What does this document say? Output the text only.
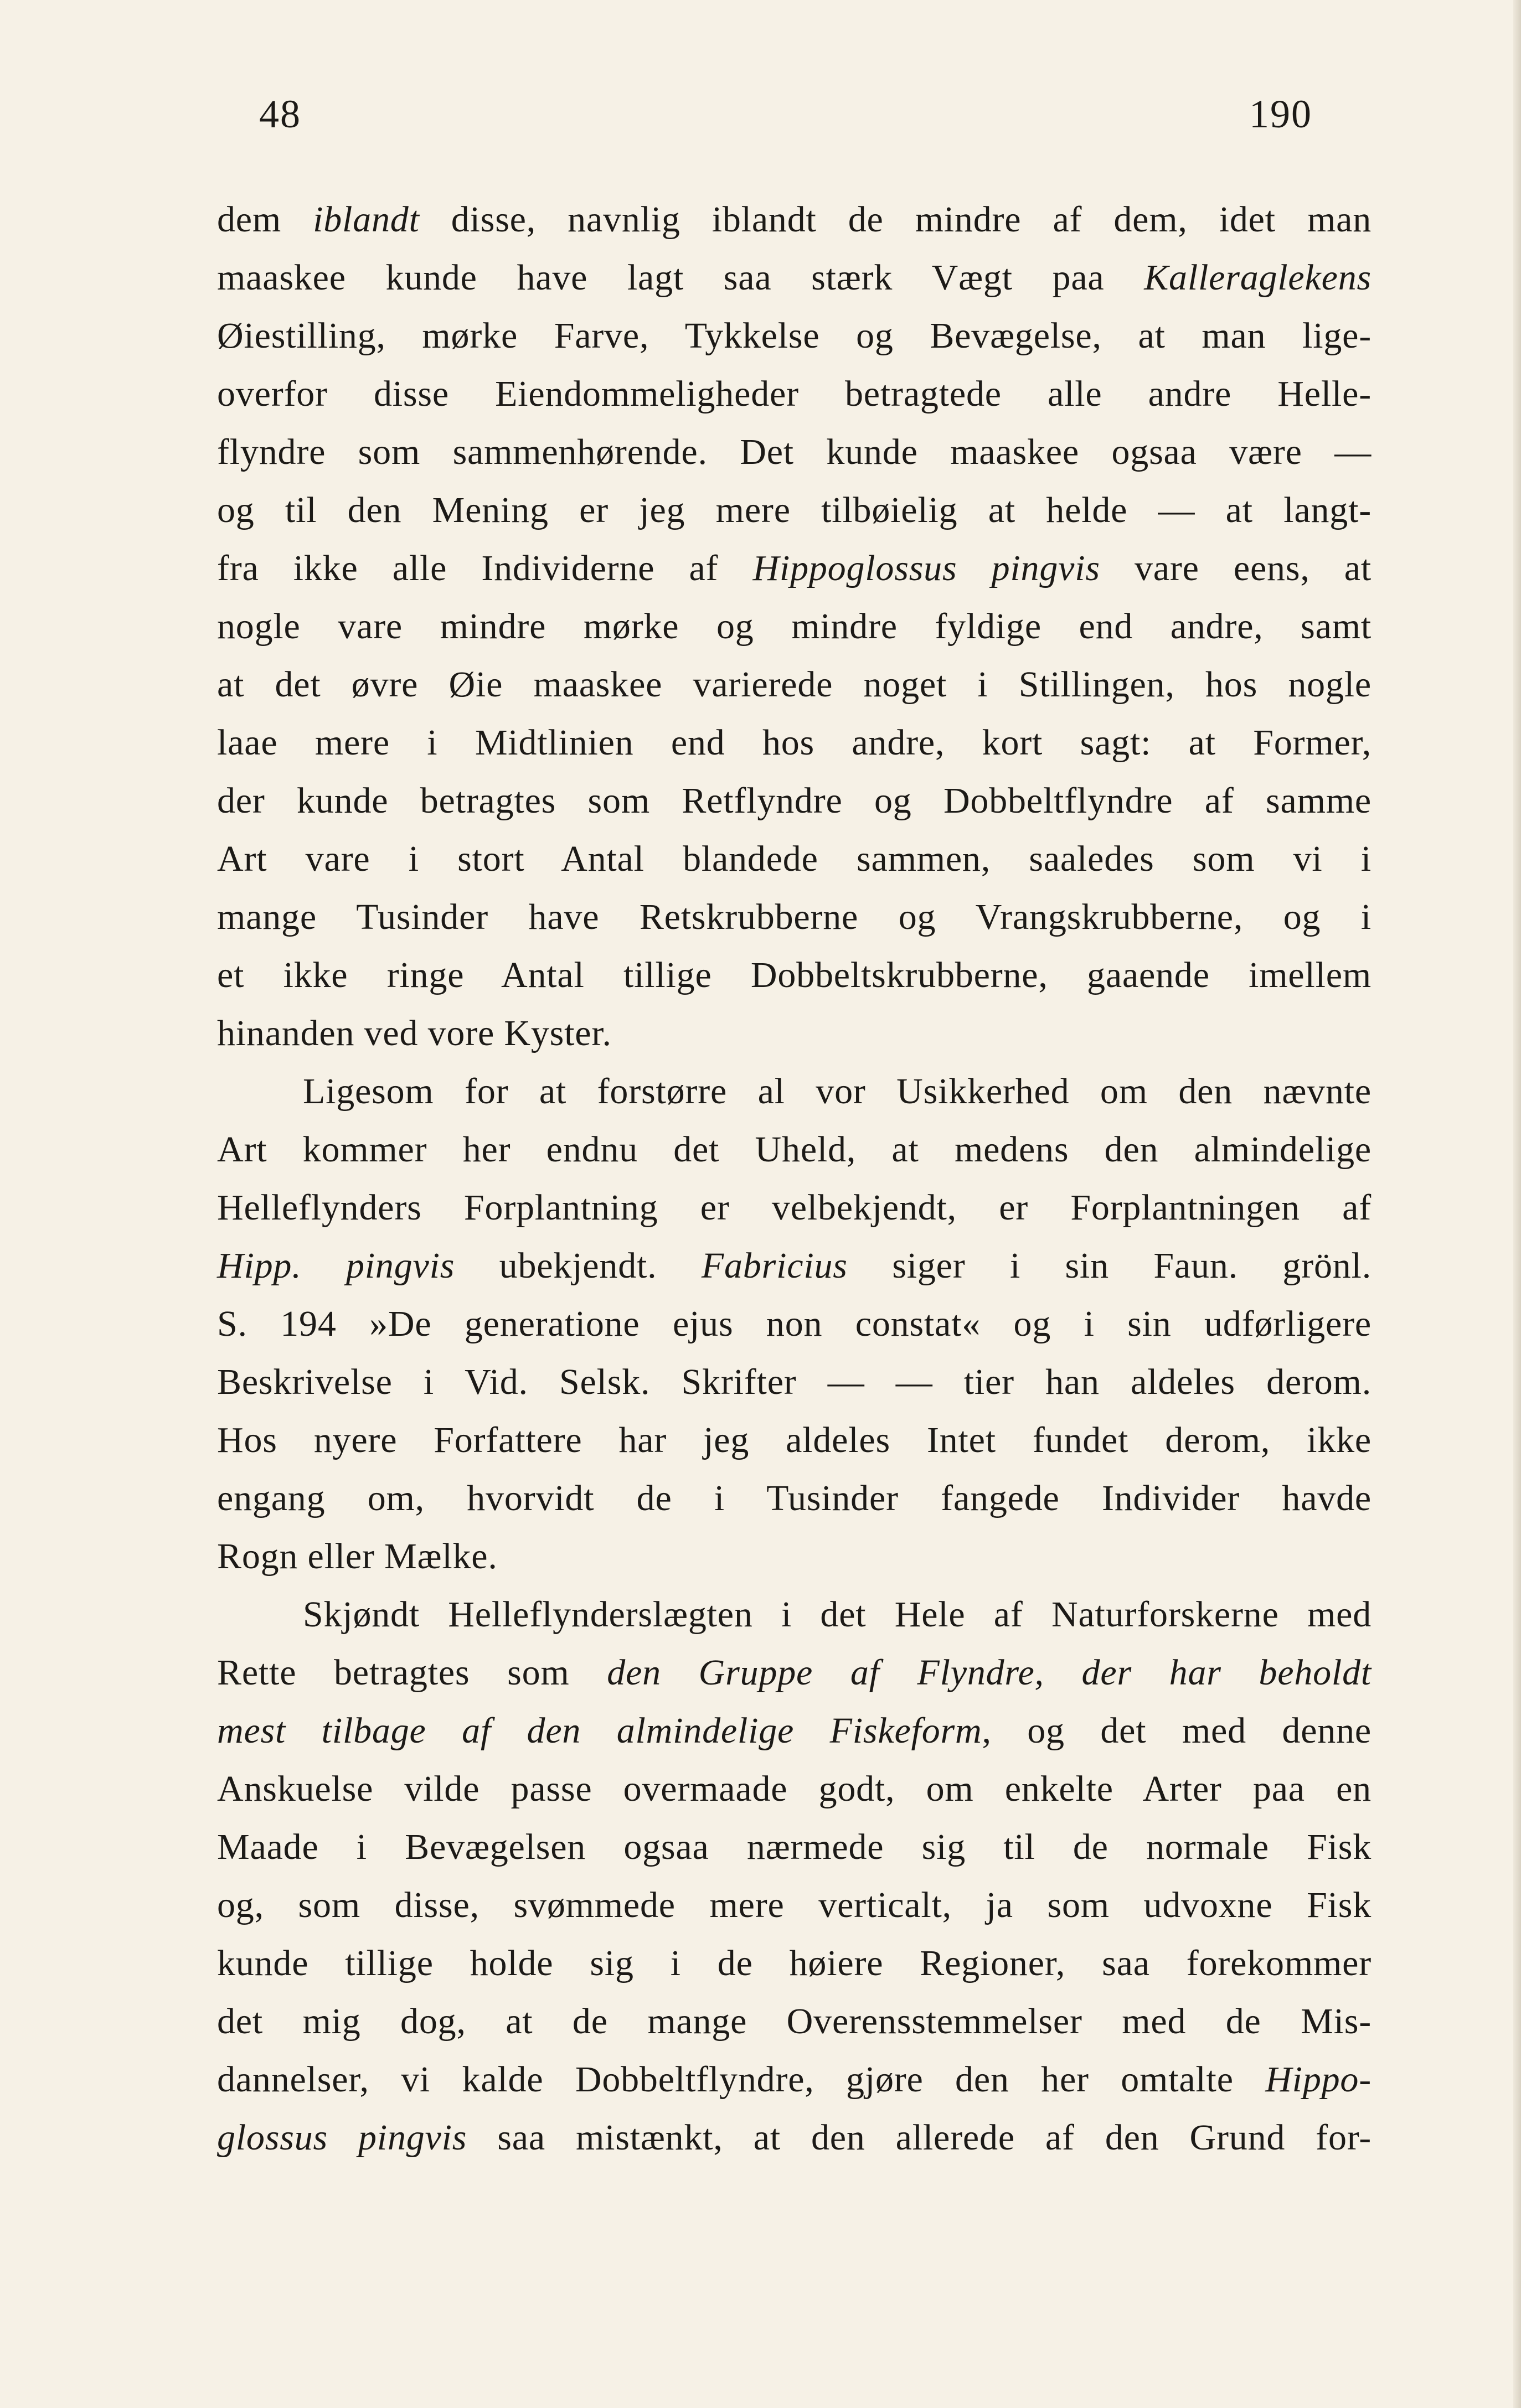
48	190
dem iblandt disse, navnlig iblandt de mindre af dem, idet man
maaskee kunde have lagt saa stærk Vægt paa Kalleraglekens
Øiestilling, mørke Farve, Tykkelse og Bevægelse, at man lige-
overfor disse Eiendommeligheder betragtede alle andre Helle-
flyndre som sammenhørende. Det kunde maaskee ogsaa være —
og til den Mening er jeg mere tilbøielig at helde — at langt-
fra ikke alle Individerne af Hippoglossus pingvis vare eens, at
nogle vare mindre mørke og mindre fyldige end andre, samt
at det øvre Øie maaskee varierede noget i Stillingen, hos nogle
laae mere i Midtlinien end hos andre, kort sagt: at Former,
der kunde betragtes som Retflyndre og Dobbeltflyndre af samme
Art vare i stort Antal blandede sammen, saaledes som vi i
mange Tusinder have Retskrubberne og Vrangskrubberne, og i
et ikke ringe Antal tillige Dobbeltskrubberne, gaaende imellem
hinanden ved vore Kyster.
Ligesom for at forstørre al vor Usikkerhed om den nævnte
Art kommer her endnu det Uheld, at medens den almindelige
Helleflynders Forplantning er velbekjendt, er Forplantningen af
Hipp. pingvis ubekjendt. Fabricius siger i sin Faun. grönl.
S. 194 »De generatione ejus non constat« og i sin udførligere
Beskrivelse i Vid. Selsk. Skrifter — — tier han aldeles derom.
Hos nyere Forfattere har jeg aldeles Intet fundet derom, ikke
engang om, hvorvidt de i Tusinder fangede Individer havde
Rogn eller Mælke.
Skjøndt Helleflynderslægten i det Hele af Naturforskerne med
Rette betragtes som den Gruppe af Flyndre, der har beholdt
mest tilbage af den almindelige Fiskeform, og det med denne
Anskuelse vilde passe overmaade godt, om enkelte Arter paa en
Maade i Bevægelsen ogsaa nærmede sig til de normale Fisk
og, som disse, svømmede mere verticalt, ja som udvoxne Fisk
kunde tillige holde sig i de høiere Regioner, saa forekommer
det mig dog, at de mange Overensstemmelser med de Mis-
dannelser, vi kalde Dobbeltflyndre, gjøre den her omtalte Hippo-
glossus pingvis saa mistænkt, at den allerede af den Grund for-
